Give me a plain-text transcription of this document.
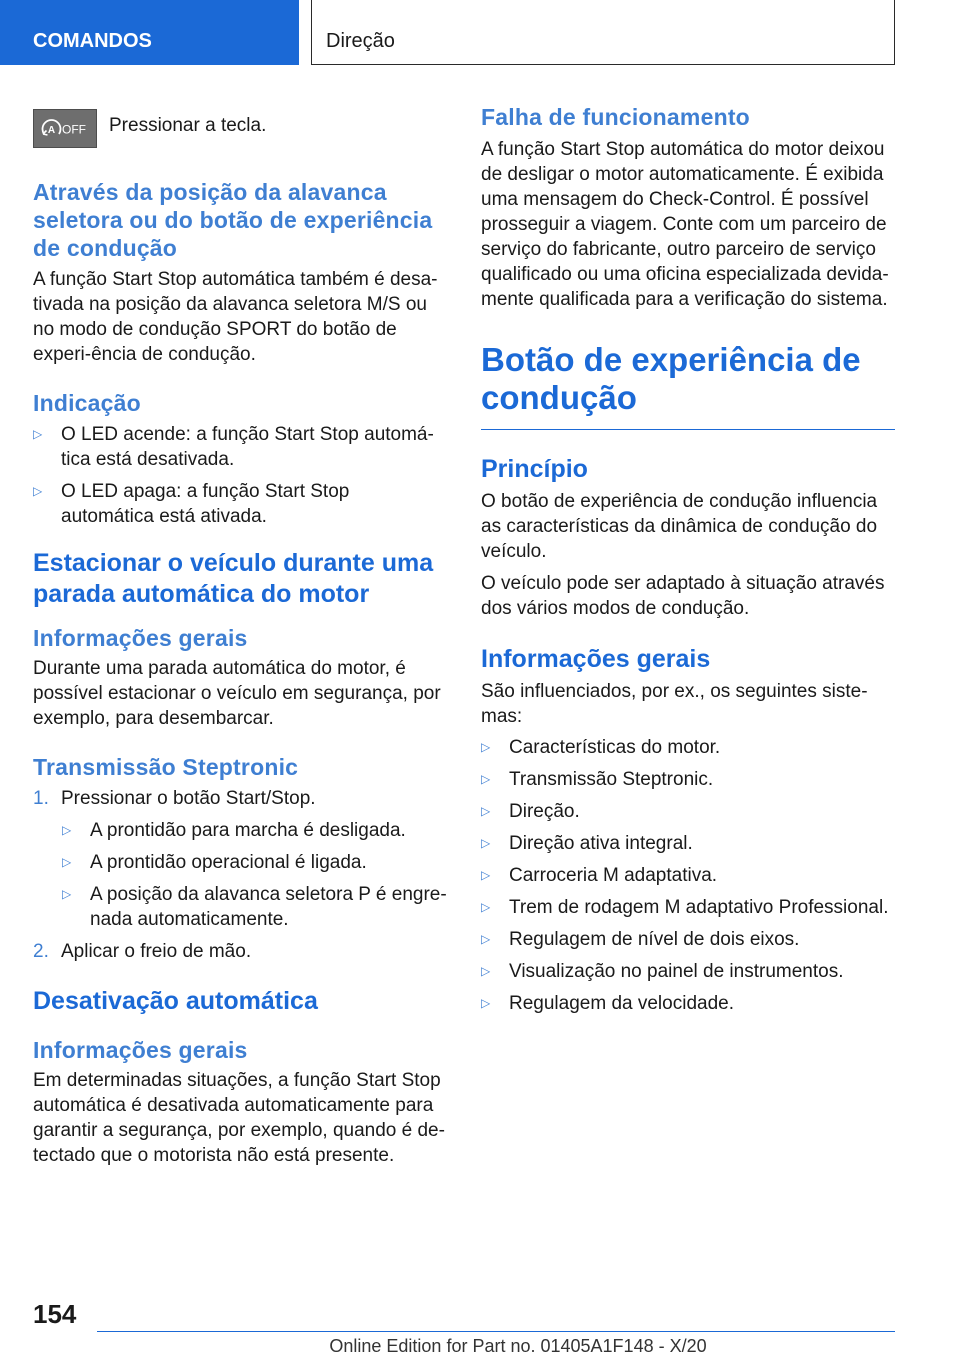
COMANDOS	Direção
A OFF Pressionar a tecla.

Através da posição da alavanca seletora ou do botão de experiência de condução

A função Start Stop automática também é desa-tivada na posição da alavanca seletora M/S ou no modo de condução SPORT do botão de experi-ência de condução.

Indicação
▷ O LED acende: a função Start Stop automá-tica está desativada.
▷ O LED apaga: a função Start Stop automática está ativada.
Estacionar o veículo durante uma parada automática do motor
Informações gerais

Durante uma parada automática do motor, é possível estacionar o veículo em segurança, por exemplo, para desembarcar.

Transmissão Steptronic
1. Pressionar o botão Start/Stop.
▷ A prontidão para marcha é desligada.
▷ A prontidão operacional é ligada.
▷ A posição da alavanca seletora P é engre-nada automaticamente.
2. Aplicar o freio de mão.
Desativação automática
Informações gerais

Em determinadas situações, a função Start Stop automática é desativada automaticamente para garantir a segurança, por exemplo, quando é de-tectado que o motorista não está presente.

Falha de funcionamento

A função Start Stop automática do motor deixou de desligar o motor automaticamente. É exibida uma mensagem do Check-Control. É possível prosseguir a viagem. Conte com um parceiro de serviço do fabricante, outro parceiro de serviço qualificado ou uma oficina especializada devida-mente qualificada para a verificação do sistema.

Botão de experiência de condução
Princípio

O botão de experiência de condução influencia as características da dinâmica de condução do veículo.

O veículo pode ser adaptado à situação através dos vários modos de condução.

Informações gerais

São influenciados, por ex., os seguintes siste-mas:

▷ Características do motor.
▷ Transmissão Steptronic.
▷ Direção.
▷ Direção ativa integral.
▷ Carroceria M adaptativa.
▷ Trem de rodagem M adaptativo Professional.
▷ Regulagem de nível de dois eixos.
▷ Visualização no painel de instrumentos.
▷ Regulagem da velocidade.
154
Online Edition for Part no. 01405A1F148 - X/20
